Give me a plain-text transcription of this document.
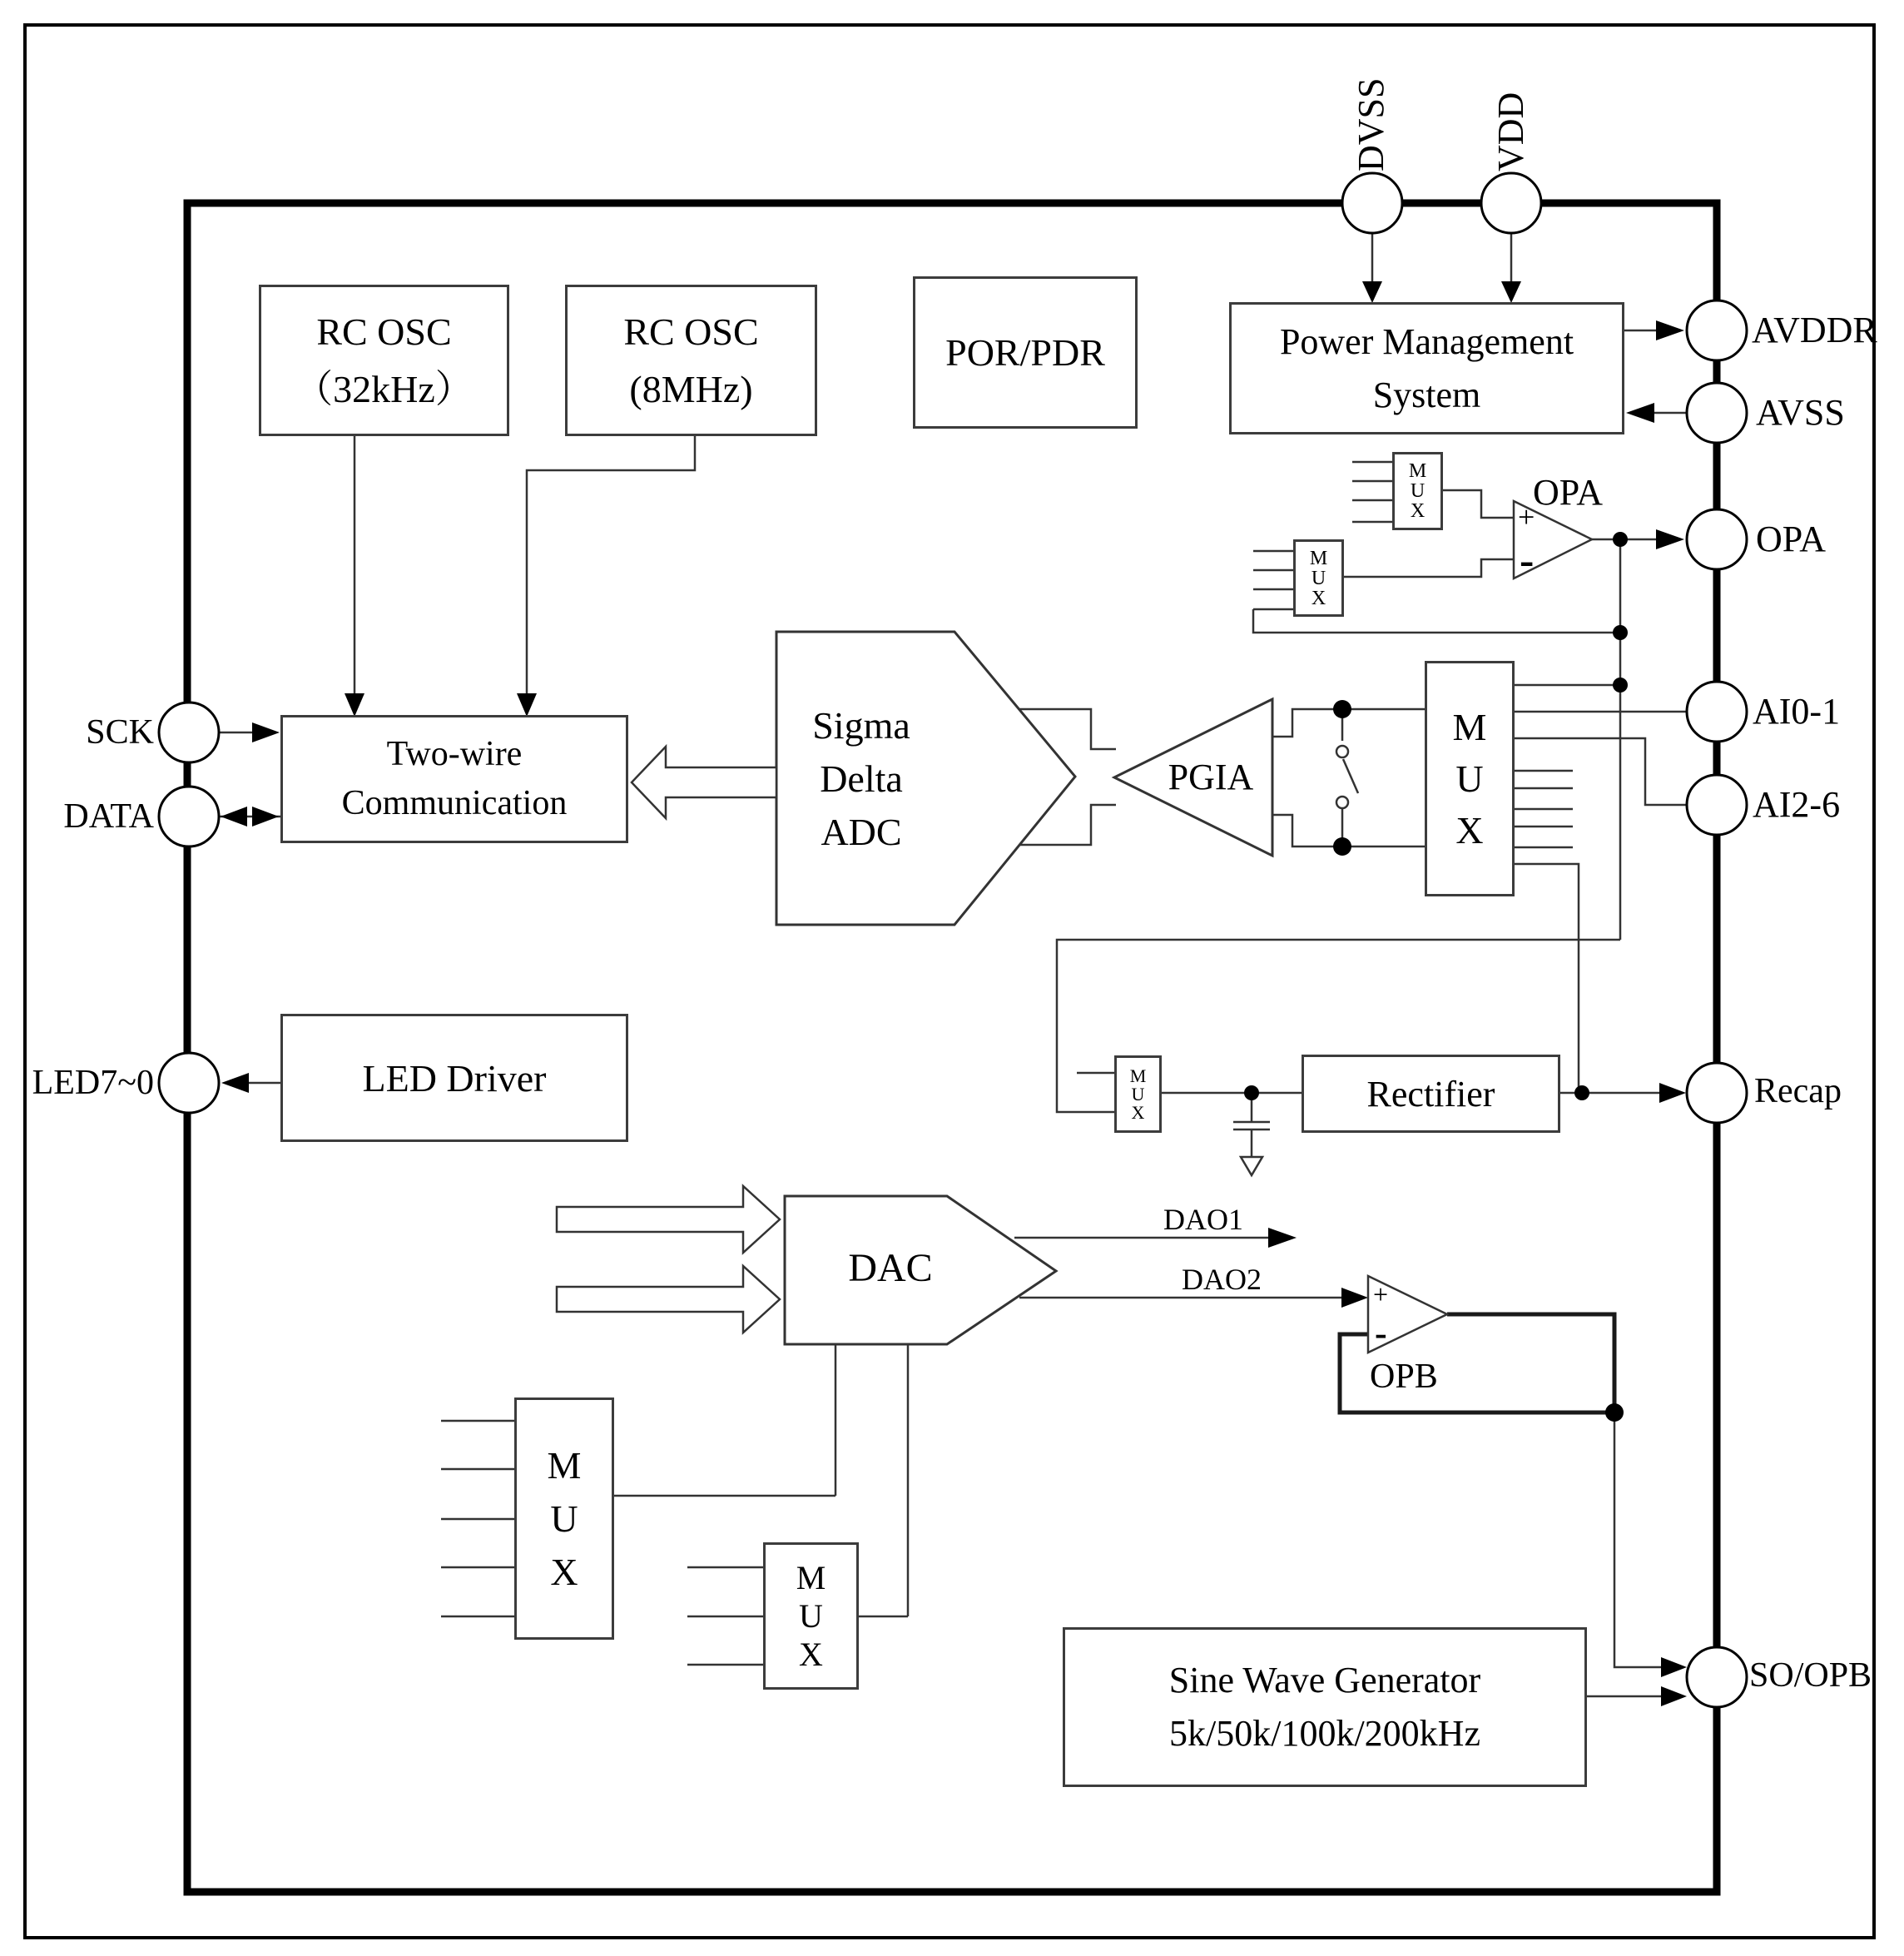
RC OSC
（32kHz）
RC OSC
(8MHz)
POR/PDR	Power Management
System
Two-wire
Communication
LED Driver	Rectifier
Sine Wave Generator
5k/50k/100k/200kHz
M
U
X
M
U
X
M
U
X
M
U
X
M
U
X	M
U
X
Sigma
Delta
ADC
PGIA
DAC
OPA
+
-
OPB
+
-
DAO1
DAO2
DVSS	VDD
AVDDR
AVSS
OPA
AI0-1
AI2-6
Recap
SO/OPB
SCK
DATA
LED7~0
